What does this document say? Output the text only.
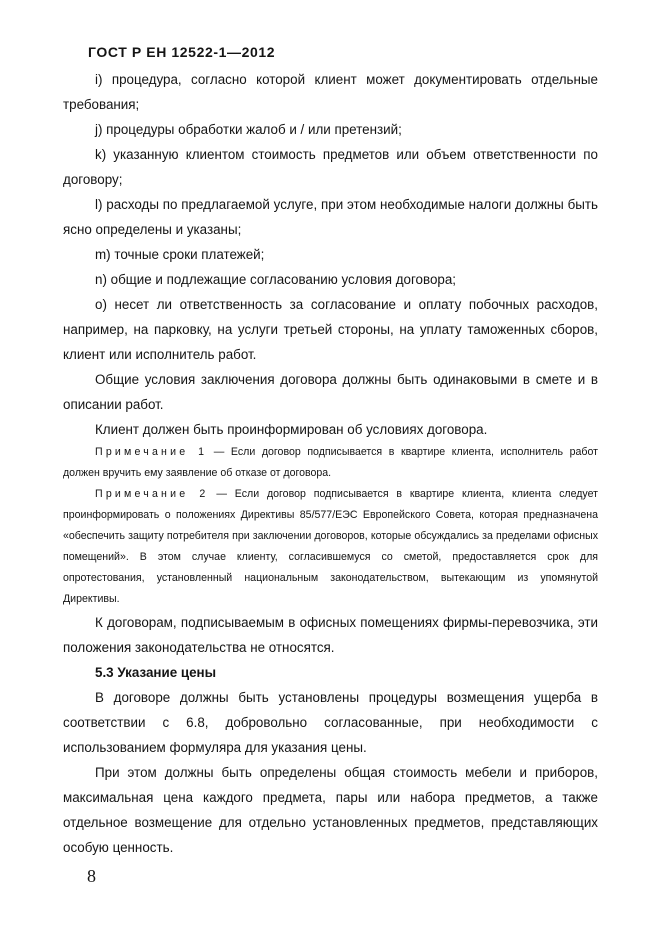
ГОСТ Р ЕН 12522-1—2012

i) процедура, согласно которой клиент может документировать отдельные требования;

j) процедуры обработки жалоб и / или претензий;

k) указанную клиентом стоимость предметов или объем ответственности по договору;

l) расходы по предлагаемой услуге, при этом необходимые налоги должны быть ясно определены и указаны;

m) точные сроки платежей;

n) общие и подлежащие согласованию условия договора;

o) несет ли ответственность за согласование и оплату побочных расходов, например, на парковку, на услуги третьей стороны, на уплату таможенных сборов, клиент или исполнитель работ.

Общие условия заключения договора должны быть одинаковыми в смете и в описании работ.

Клиент должен быть проинформирован об условиях договора.

Примечание 1 — Если договор подписывается в квартире клиента, исполнитель работ должен вручить ему заявление об отказе от договора.

Примечание 2 — Если договор подписывается в квартире клиента, клиента следует проинформировать о положениях Директивы 85/577/ЕЭС Европейского Совета, которая предназначена «обеспечить защиту потребителя при заключении договоров, которые обсуждались за пределами офисных помещений». В этом случае клиенту, согласившемуся со сметой, предоставляется срок для опротестования, установленный национальным законодательством, вытекающим из упомянутой Директивы.

К договорам, подписываемым в офисных помещениях фирмы-перевозчика, эти положения законодательства не относятся.

5.3 Указание цены

В договоре должны быть установлены процедуры возмещения ущерба в соответствии с 6.8, добровольно согласованные, при необходимости с использованием формуляра для указания цены.

При этом должны быть определены общая стоимость мебели и приборов, максимальная цена каждого предмета, пары или набора предметов, а также отдельное возмещение для отдельно установленных предметов, представляющих особую ценность.

8
